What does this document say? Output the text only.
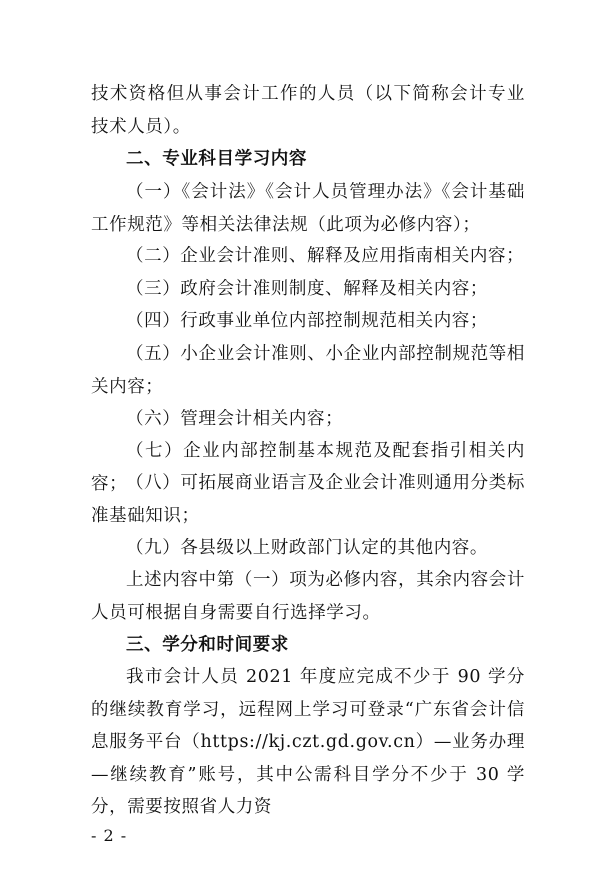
技术资格但从事会计工作的人员（以下简称会计专业技术人员）。

二、专业科目学习内容

（一）《会计法》《会计人员管理办法》《会计基础工作规范》等相关法律法规（此项为必修内容）；

（二）企业会计准则、解释及应用指南相关内容；

（三）政府会计准则制度、解释及相关内容；

（四）行政事业单位内部控制规范相关内容；

（五）小企业会计准则、小企业内部控制规范等相关内容；

（六）管理会计相关内容；

（七）企业内部控制基本规范及配套指引相关内容；

（八）可拓展商业语言及企业会计准则通用分类标准基础知识；

（九）各县级以上财政部门认定的其他内容。

上述内容中第（一）项为必修内容，其余内容会计人员可根据自身需要自行选择学习。

三、学分和时间要求

我市会计人员 2021 年度应完成不少于 90 学分的继续教育学习，远程网上学习可登录“广东省会计信息服务平台（https://kj.czt.gd.gov.cn）—业务办理—继续教育”账号，其中公需科目学分不少于 30 学分，需要按照省人力资

- 2 -
